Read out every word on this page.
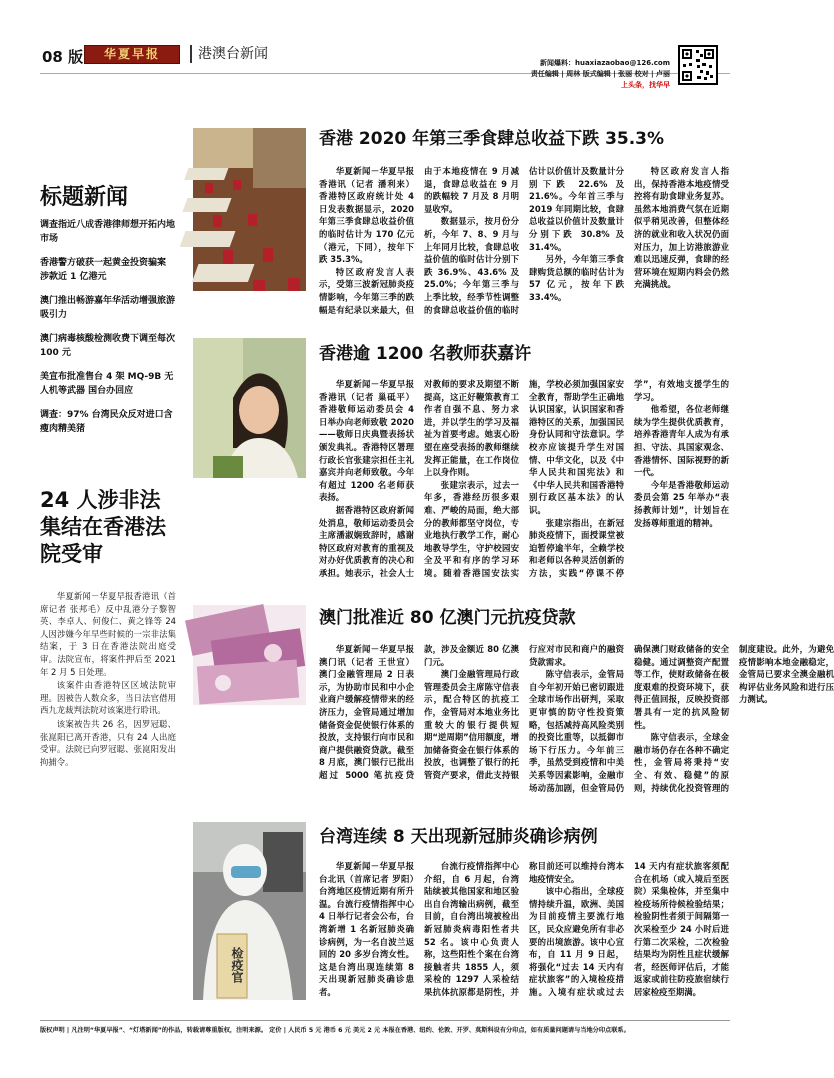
08 版	华夏早报	港澳台新闻
新闻爆料：huaxiazaobao@126.com
责任编辑 | 周林 版式编辑 | 张丽 校对 | 卢丽
上头条，找华早
标题新闻
调查指近八成香港律师想开拓内地市场
香港警方破获一起黄金投资骗案 涉款近 1 亿港元
澳门推出畅游嘉年华活动增强旅游吸引力
澳门病毒核酸检测收费下调至每次 100 元
美宣布批准售台 4 架 MQ-9B 无人机等武器 国台办回应
调查：97% 台湾民众反对进口含瘦肉精美猪
24 人涉非法集结在香港法院受审

华夏新闻－华夏早报香港讯（首席记者 张邦毛）反中乱港分子黎智英、李卓人、何俊仁、黄之锋等 24 人因涉嫌今年早些时候的一宗非法集结案，于 3 日在香港法院出庭受审。法院宣布，将案件押后至 2021 年 2 月 5 日处理。

该案件由香港特区区域法院审理。因被告人数众多，当日法官借用西九龙裁判法院对该案进行聆讯。

该案被告共 26 名，因罗冠聪、张崑阳已离开香港，只有 24 人出庭受审。法院已向罗冠聪、张崑阳发出拘捕令。

香港 2020 年第三季食肆总收益下跌 35.3%

华夏新闻－华夏早报香港讯（记者 潘利来）香港特区政府统计处 4 日发表数据显示，2020 年第三季食肆总收益价值的临时估计为 170 亿元（港元，下同），按年下跌 35.3%。

特区政府发言人表示，受第三波新冠肺炎疫情影响，今年第三季的跌幅是有纪录以来最大，但由于本地疫情在 9 月减退，食肆总收益在 9 月的跌幅较 7 月及 8 月明显收窄。

数据显示，按月份分析，今年 7、8、9 月与上年同月比较，食肆总收益价值的临时估计分别下跌 36.9%、43.6% 及 25.0%；今年第三季与上季比较，经季节性调整的食肆总收益价值的临时估计以价值计及数量计分别下跌 22.6% 及 21.6%。今年首三季与 2019 年同期比较，食肆总收益以价值计及数量计分别下跌 30.8% 及 31.4%。

另外，今年第三季食肆购货总额的临时估计为 57 亿元，按年下跌 33.4%。

特区政府发言人指出，保持香港本地疫情受控将有助食肆业务复苏。虽然本地消费气氛在近期似乎稍见改善，但整体经济的就业和收入状况仍面对压力，加上访港旅游业难以迅速反弹，食肆的经营环境在短期内料会仍然充满挑战。

香港逾 1200 名教师获嘉许

华夏新闻－华夏早报香港讯（记者 巢砥平）香港敬师运动委员会 4 日举办向老师致敬 2020——敬师日庆典暨表扬状颁发典礼。香港特区署理行政长官张建宗担任主礼嘉宾并向老师致敬。今年有超过 1200 名老师获表扬。

据香港特区政府新闻处消息，敬师运动委员会主席潘淑娴致辞时，感谢特区政府对教育的重视及对办好优质教育的决心和承担。她表示，社会人士对教师的要求及期望不断提高，这正好鞭策教育工作者自强不息、努力求进，并以学生的学习及福祉为首要考虑。她衷心盼望在座受表扬的教师继续发挥正能量，在工作岗位上以身作则。

张建宗表示，过去一年多，香港经历很多艰难、严峻的局面，绝大部分的教师都坚守岗位，专业地执行教学工作，耐心地教导学生，守护校园安全及平和有序的学习环境。随着香港国安法实施，学校必须加强国家安全教育，帮助学生正确地认识国家，认识国家和香港特区的关系，加强国民身份认同和守法意识。学校亦应该提升学生对国情、中华文化，以及《中华人民共和国宪法》和《中华人民共和国香港特别行政区基本法》的认识。

张建宗指出，在新冠肺炎疫情下，面授课堂被迫暂停逾半年，全赖学校和老师以各种灵活创新的方法，实践“停课不停学”，有效地支援学生的学习。

他希望，各位老师继续为学生提供优质教育，培养香港青年人成为有承担、守法、具国家观念、香港情怀、国际视野的新一代。

今年是香港敬师运动委员会第 25 年举办“表扬教师计划”，计划旨在发扬尊师重道的精神。

澳门批准近 80 亿澳门元抗疫贷款

华夏新闻－华夏早报澳门讯（记者 王世宣）澳门金融管理局 2 日表示，为协助市民和中小企业商户缓解疫情带来的经济压力，金管局通过增加储备资金促使银行体系的投放，支持银行向市民和商户提供融资贷款。截至 8 月底，澳门银行已批出超过 5000 笔抗疫贷款，涉及金额近 80 亿澳门元。

澳门金融管理局行政管理委员会主席陈守信表示，配合特区的抗疫工作，金管局对本地业务比重较大的银行提供短期“逆周期”信用额度，增加储备资金在银行体系的投放，也调整了银行的托管资产要求，借此支持银行应对市民和商户的融资贷款需求。

陈守信表示，金管局自今年初开始已密切跟进全球市场作出研判，采取更审慎的防守性投资策略，包括减持高风险类别的投资比重等，以抵御市场下行压力。今年前三季，虽然受到疫情和中美关系等因素影响，金融市场动荡加剧，但金管局仍确保澳门财政储备的安全稳健。通过调整资产配置等工作，使财政储备在极度艰难的投资环境下，获得正值回报，反映投资部署具有一定的抗风险韧性。

陈守信表示，全球金融市场仍存在各种不确定性，金管局将秉持“安全、有效、稳健”的原则，持续优化投资管理的制度建设。此外，为避免疫情影响本地金融稳定，金管局已要求全澳金融机构评估业务风险和进行压力测试。

检疫官
台湾连续 8 天出现新冠肺炎确诊病例

华夏新闻－华夏早报台北讯（首席记者 罗阳）台湾地区疫情近期有所升温。台流行疫情指挥中心 4 日举行记者会公布，台湾新增 1 名新冠肺炎确诊病例，为一名自波兰返回的 20 多岁台湾女性。这是台湾出现连续第 8 天出现新冠肺炎确诊患者。

台流行疫情指挥中心介绍，自 6 月起，台湾陆续被其他国家和地区验出自台湾输出病例，截至目前，自台湾出境被检出新冠肺炎病毒阳性者共 52 名。该中心负责人称，这些阳性个案在台湾接触者共 1855 人，须采检的 1297 人采检结果抗体抗原都是阴性，并称目前还可以维持台湾本地疫情安全。

该中心指出，全球疫情持续升温，欧洲、美国为目前疫情主要流行地区，民众应避免所有非必要的出境旅游。该中心宣布，自 11 月 9 日起，将强化“过去 14 天内有症状旅客”的入境检疫措施。入境有症状或过去 14 天内有症状旅客须配合在机场（或入境后至医院）采集检体，并至集中检疫场所待候检验结果；检验阴性者须于间隔第一次采检至少 24 小时后进行第二次采检，二次检验结果均为阴性且症状缓解者，经医师评估后，才能返家或前往防疫旅宿续行居家检疫至期满。

版权声明 | 凡注明“华夏早报”、“灯塔新闻”的作品，转载请尊重版权，注明来源。 定价 | 人民币 5 元 港币 6 元 美元 2 元 本报在香港、纽约、伦敦、开罗、莫斯科设有分印点，如有质量问题请与当地分印点联系。
